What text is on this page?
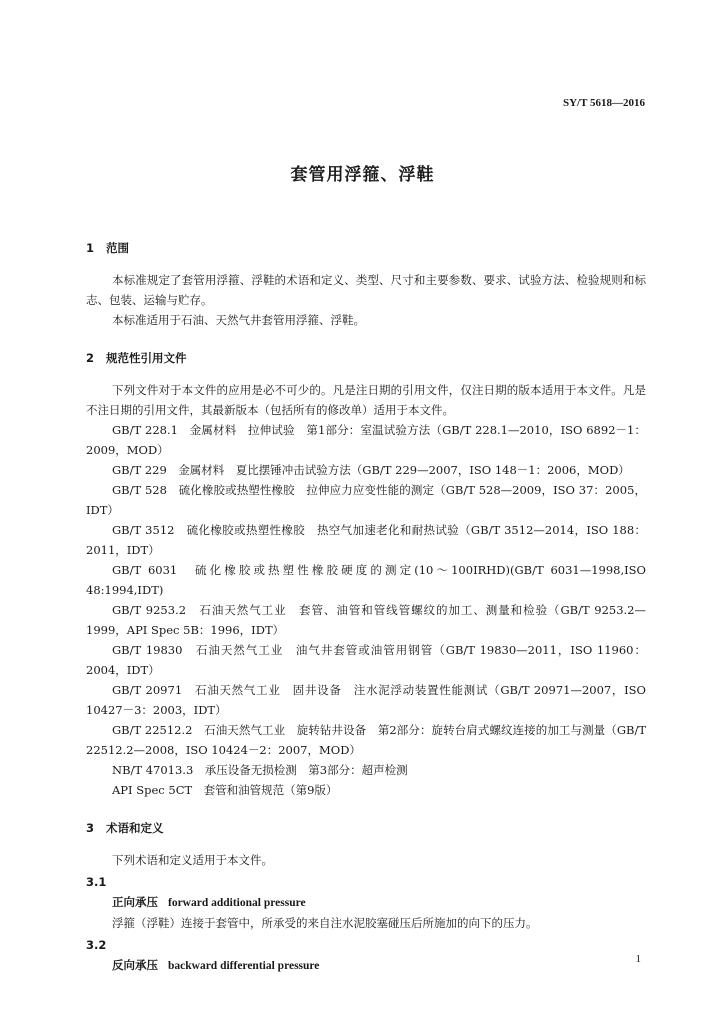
SY/T 5618—2016
套管用浮箍、浮鞋
1 范围

本标准规定了套管用浮箍、浮鞋的术语和定义、类型、尺寸和主要参数、要求、试验方法、检验规则和标志、包装、运输与贮存。

本标准适用于石油、天然气井套管用浮箍、浮鞋。

2 规范性引用文件

下列文件对于本文件的应用是必不可少的。凡是注日期的引用文件，仅注日期的版本适用于本文件。凡是不注日期的引用文件，其最新版本（包括所有的修改单）适用于本文件。

GB/T 228.1　金属材料　拉伸试验　第1部分：室温试验方法（GB/T 228.1—2010，ISO 6892－1：2009，MOD）

GB/T 229　金属材料　夏比摆锤冲击试验方法（GB/T 229—2007，ISO 148－1：2006，MOD）

GB/T 528　硫化橡胶或热塑性橡胶　拉伸应力应变性能的测定（GB/T 528—2009，ISO 37：2005，IDT）

GB/T 3512　硫化橡胶或热塑性橡胶　热空气加速老化和耐热试验（GB/T 3512—2014，ISO 188：2011，IDT）

GB/T 6031　硫化橡胶或热塑性橡胶硬度的测定(10～100IRHD)(GB/T 6031—1998,ISO 48:1994,IDT)

GB/T 9253.2　石油天然气工业　套管、油管和管线管螺纹的加工、测量和检验（GB/T 9253.2—1999，API Spec 5B：1996，IDT）

GB/T 19830　石油天然气工业　油气井套管或油管用钢管（GB/T 19830—2011，ISO 11960：2004，IDT）

GB/T 20971　石油天然气工业　固井设备　注水泥浮动装置性能测试（GB/T 20971—2007，ISO 10427－3：2003，IDT）

GB/T 22512.2　石油天然气工业　旋转钻井设备　第2部分：旋转台肩式螺纹连接的加工与测量（GB/T 22512.2—2008，ISO 10424－2：2007，MOD）

NB/T 47013.3　承压设备无损检测　第3部分：超声检测

API Spec 5CT　套管和油管规范（第9版）

3 术语和定义

下列术语和定义适用于本文件。

3.1
正向承压 forward additional pressure

浮箍（浮鞋）连接于套管中，所承受的来自注水泥胶塞碰压后所施加的向下的压力。

3.2
反向承压 backward differential pressure
1
